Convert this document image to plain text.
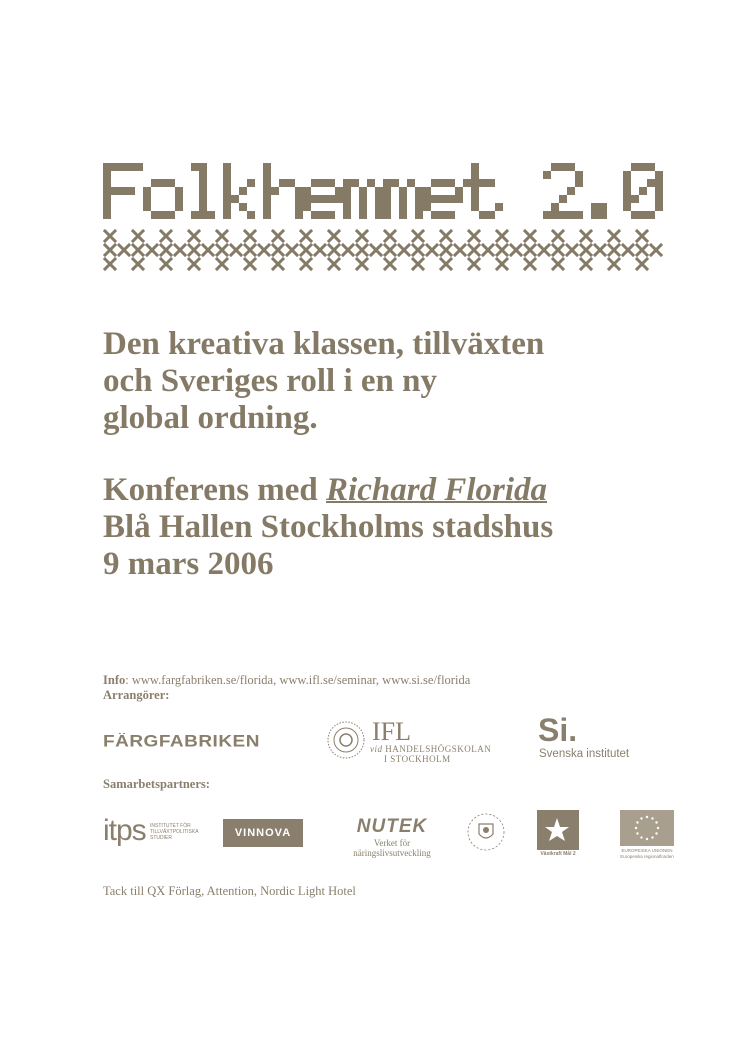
Den kreativa klassen, tillväxten
och Sveriges roll i en ny
global ordning.
Konferens med Richard Florida
Blå Hallen Stockholms stadshus
9 mars 2006
Info: www.fargfabriken.se/florida, www.ifl.se/seminar, www.si.se/florida
Arrangörer:
FÄRGFABRIKEN	IFL
vid HANDELSHÖGSKOLAN
I STOCKHOLM
Si.
Svenska institutet
Samarbetspartners:
itps INSTITUTET FÖR
TILLVÄXTPOLITISKA
STUDIER	VINNOVA	NUTEK
Verket för näringslivsutveckling	Västkraft Mål 2
EUROPEISKA UNIONEN
Europeiska regionalfonden
Tack till QX Förlag, Attention, Nordic Light Hotel
